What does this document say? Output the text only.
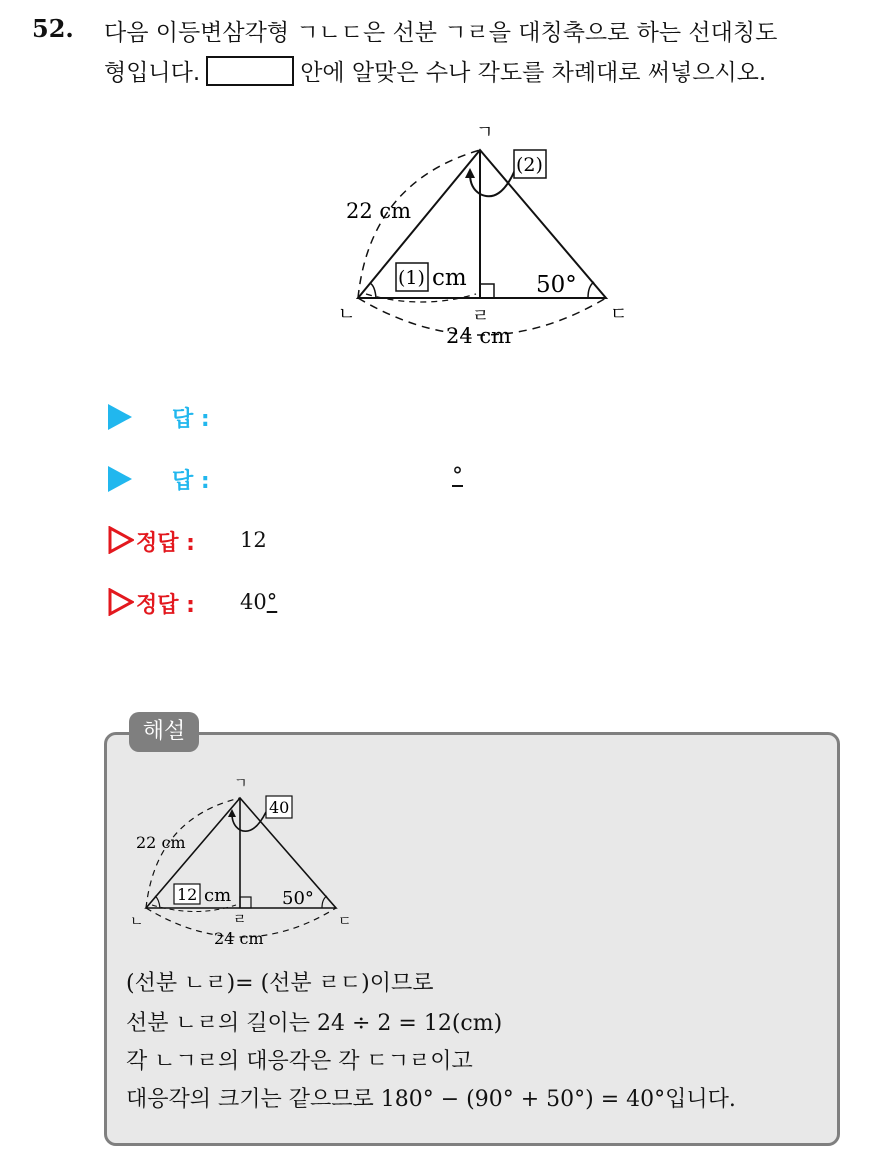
52. 다음 이등변삼각형 ㄱㄴㄷ은 선분 ㄱㄹ을 대칭축으로 하는 선대칭도
형입니다.	안에 알맞은 수나 각도를 차례대로 써넣으시오.
ㄱ
ㄴ	ㄷ
ㄹ
22 cm
24 cm
(1) cm
(2)
50°
답 :
답 :	°
정답 : 12
정답 : 40°
해설
ㄱ
ㄴ	ㄷ
ㄹ
22 cm
24 cm
12 cm
40
50°
(선분 ㄴㄹ)= (선분 ㄹㄷ)이므로
선분 ㄴㄹ의 길이는 24 ÷ 2 = 12(cm)
각 ㄴㄱㄹ의 대응각은 각 ㄷㄱㄹ이고
대응각의 크기는 같으므로 180° − (90° + 50°) = 40°입니다.
